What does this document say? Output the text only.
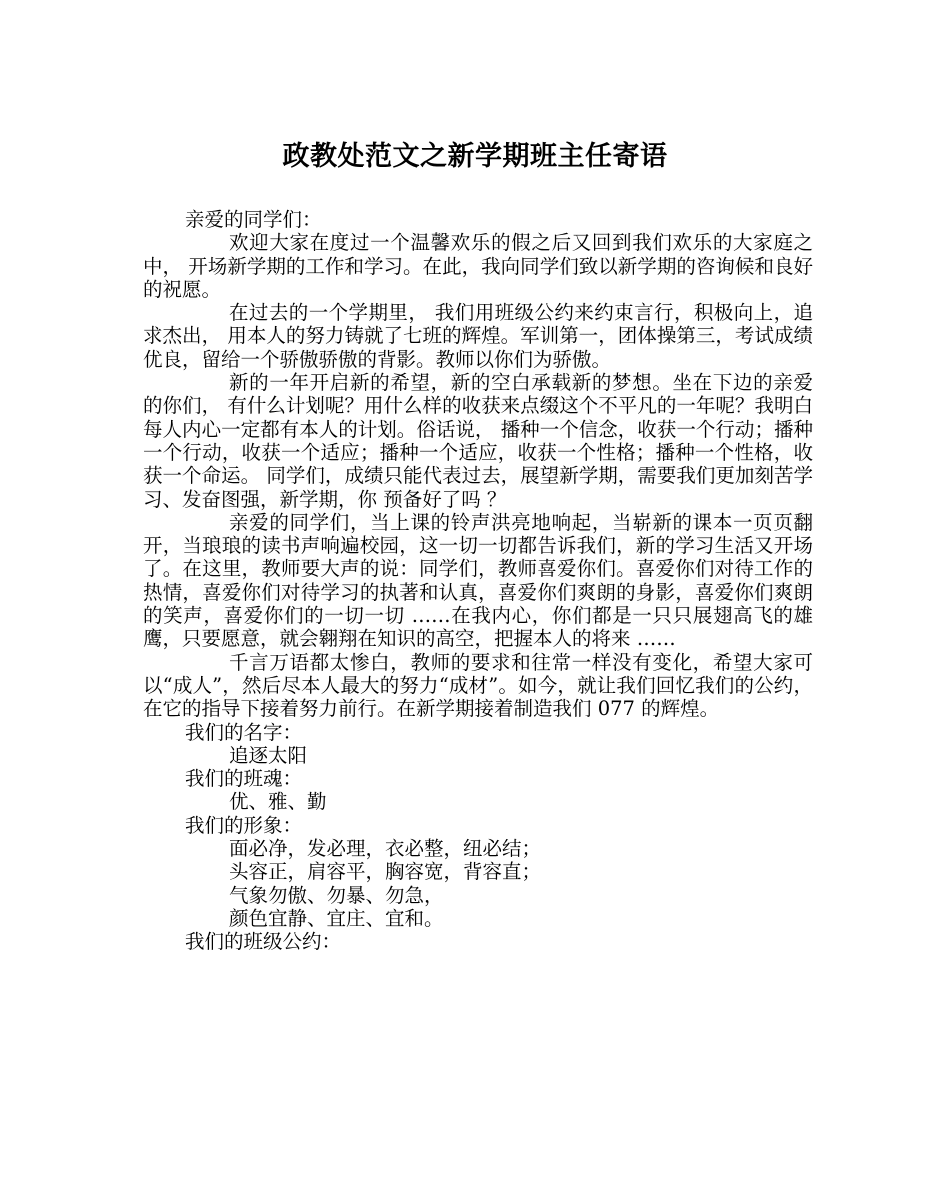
政教处范文之新学期班主任寄语

亲爱的同学们：

欢迎大家在度过一个温馨欢乐的假之后又回到我们欢乐的大家庭之中， 开场新学期的工作和学习。在此，我向同学们致以新学期的咨询候和良好的祝愿。

在过去的一个学期里， 我们用班级公约来约束言行，积极向上，追求杰出， 用本人的努力铸就了七班的辉煌。军训第一，团体操第三，考试成绩优良，留给一个骄傲骄傲的背影。教师以你们为骄傲。

新的一年开启新的希望，新的空白承载新的梦想。坐在下边的亲爱的你们， 有什么计划呢？用什么样的收获来点缀这个不平凡的一年呢？我明白每人内心一定都有本人的计划。俗话说， 播种一个信念，收获一个行动；播种一个行动，收获一个适应；播种一个适应，收获一个性格；播种一个性格，收获一个命运。 同学们，成绩只能代表过去，展望新学期，需要我们更加刻苦学习、发奋图强，新学期，你 预备好了吗 ？

亲爱的同学们，当上课的铃声洪亮地响起，当崭新的课本一页页翻开，当琅琅的读书声响遍校园，这一切一切都告诉我们，新的学习生活又开场了。在这里，教师要大声的说：同学们，教师喜爱你们。喜爱你们对待工作的热情，喜爱你们对待学习的执著和认真，喜爱你们爽朗的身影，喜爱你们爽朗的笑声，喜爱你们的一切一切 ……在我内心，你们都是一只只展翅高飞的雄鹰，只要愿意，就会翱翔在知识的高空，把握本人的将来 ……

千言万语都太惨白，教师的要求和往常一样没有变化，希望大家可以“成人”，然后尽本人最大的努力“成材”。如今，就让我们回忆我们的公约，在它的指导下接着努力前行。在新学期接着制造我们 077 的辉煌。

我们的名字：

追逐太阳

我们的班魂：

优、雅、勤

我们的形象：

面必净，发必理，衣必整，纽必结；

头容正，肩容平，胸容宽，背容直；

气象勿傲、勿暴、勿急，

颜色宜静、宜庄、宜和。

我们的班级公约：
